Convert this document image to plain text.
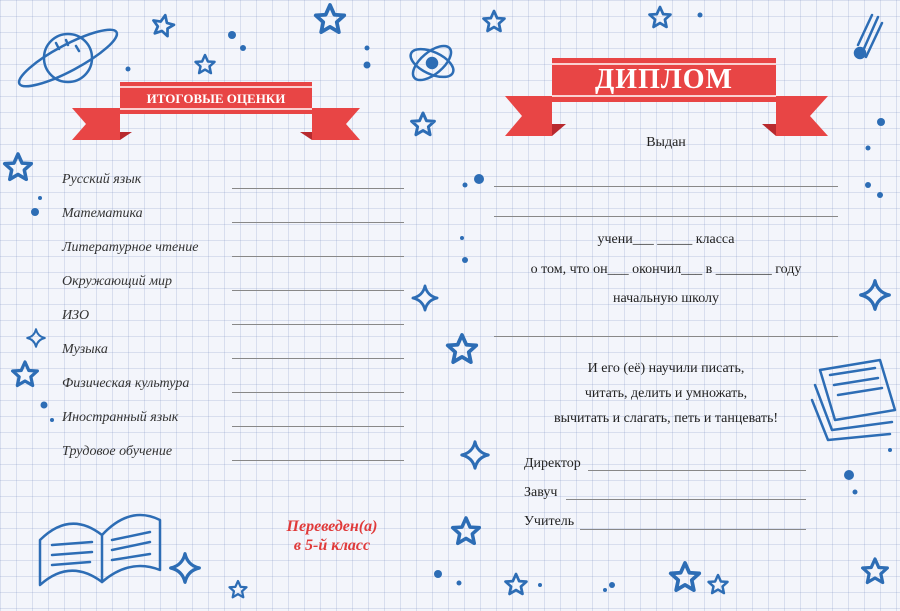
ИТОГОВЫЕ ОЦЕНКИ
Русский язык
Математика
Литературное чтение
Окружающий мир
ИЗО
Музыка
Физическая культура
Иностранный язык
Трудовое обучение
Переведен(а)
в 5-й класс
ДИПЛОМ
Выдан
учени___ _____ класса
о том, что он___ окончил___ в ________ году
начальную школу
И его (её) научили писать,
читать, делить и умножать,
вычитать и слагать, петь и танцевать!
Директор
Завуч
Учитель
